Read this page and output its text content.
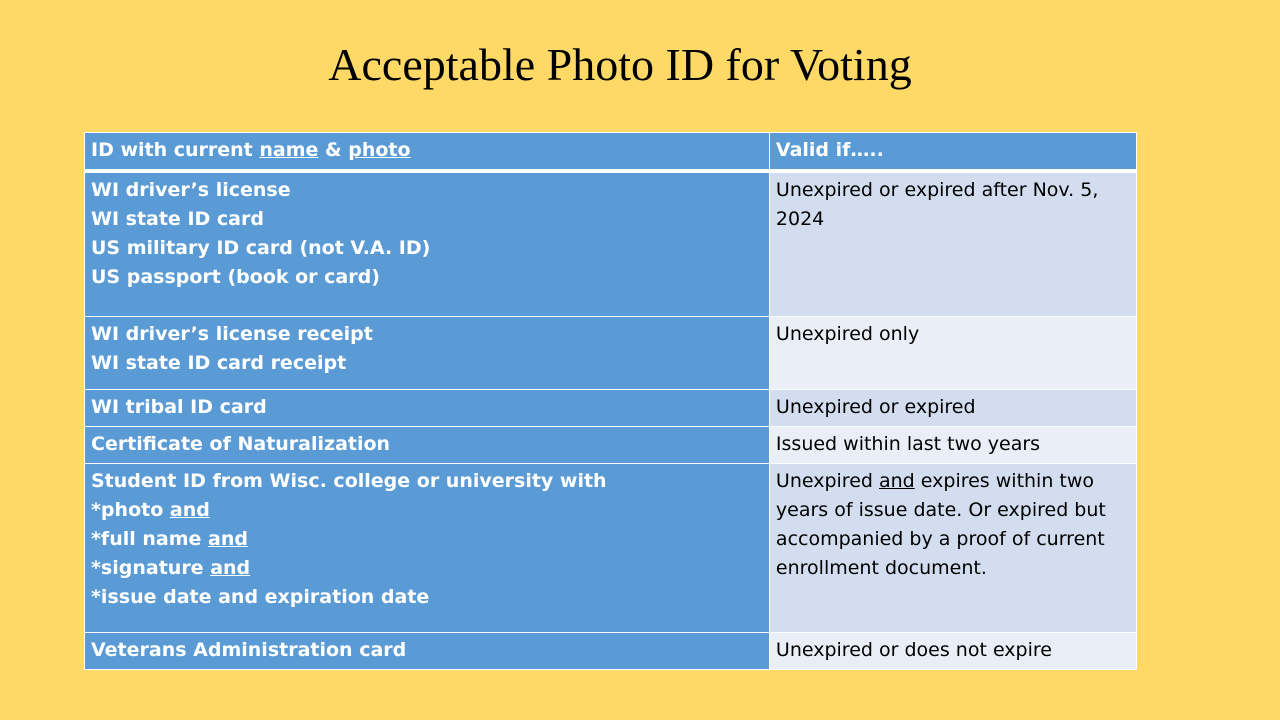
Acceptable Photo ID for Voting
ID with current name & photo	Valid if…..

WI driver’s license
WI state ID card
US military ID card (not V.A. ID)
US passport (book or card)	Unexpired or expired after Nov. 5, 2024

WI driver’s license receipt
WI state ID card receipt	Unexpired only

WI tribal ID card	Unexpired or expired

Certificate of Naturalization	Issued within last two years

Student ID from Wisc. college or university with
*photo and
*full name and
*signature and
*issue date and expiration date	Unexpired and expires within two years of issue date. Or expired but accompanied by a proof of current enrollment document.

Veterans Administration card	Unexpired or does not expire
